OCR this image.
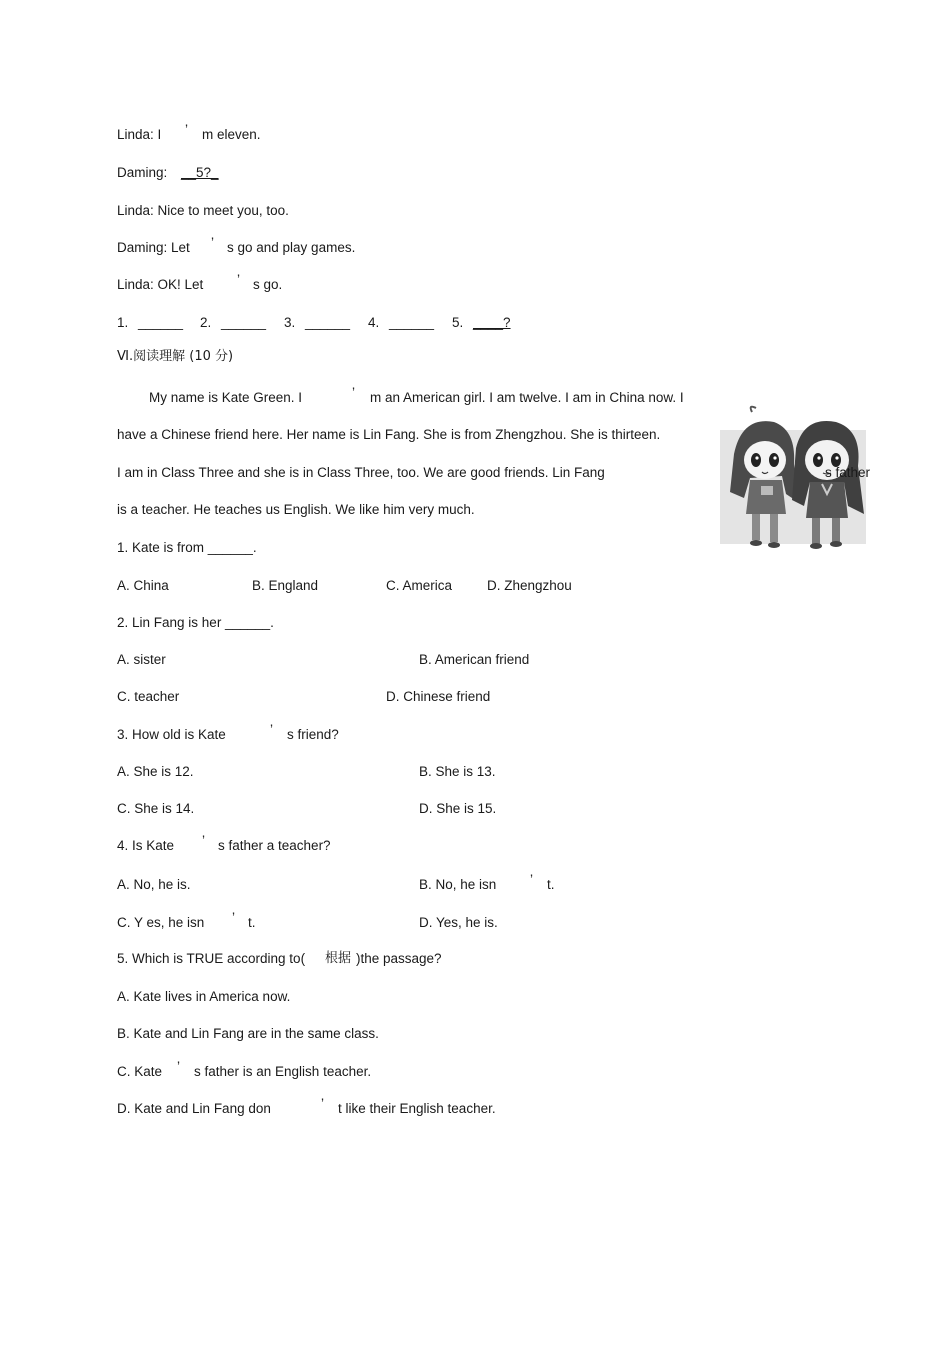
Linda: I ’ m eleven.
Daming: __5?_
Linda: Nice to meet you, too.
Daming: Let ’ s go and play games.
Linda: OK! Let ’ s go.
1. ______ 2. ______ 3. ______ 4. ______ 5. ____?
Ⅵ.阅读理解 (10 分)
My name is Kate Green. I	’ m an American girl. I am twelve. I am in China now. I
have a Chinese friend here. Her name is Lin Fang. She is from Zhengzhou. She is thirteen.
I am in Class Three and she is in Class Three, too. We are good friends. Lin Fang
is a teacher. He teaches us English. We like him very much.
s father
1. Kate is from ______.
A. China	B. England	C. America	D. Zhengzhou
2. Lin Fang is her ______.
A. sister	B. American friend
C. teacher	D. Chinese friend
3. How old is Kate	’ s friend?
A. She is 12.	B. She is 13.
C. She is 14.	D. She is 15.
4. Is Kate ’ s father a teacher?
A. No, he is.	B. No, he isn ’ t.
C. Y es, he isn ’ t.	D. Yes, he is.
5. Which is TRUE according to( 根据 )the passage?
A. Kate lives in America now.
B. Kate and Lin Fang are in the same class.
C. Kate ’ s father is an English teacher.
D. Kate and Lin Fang don	’ t like their English teacher.
